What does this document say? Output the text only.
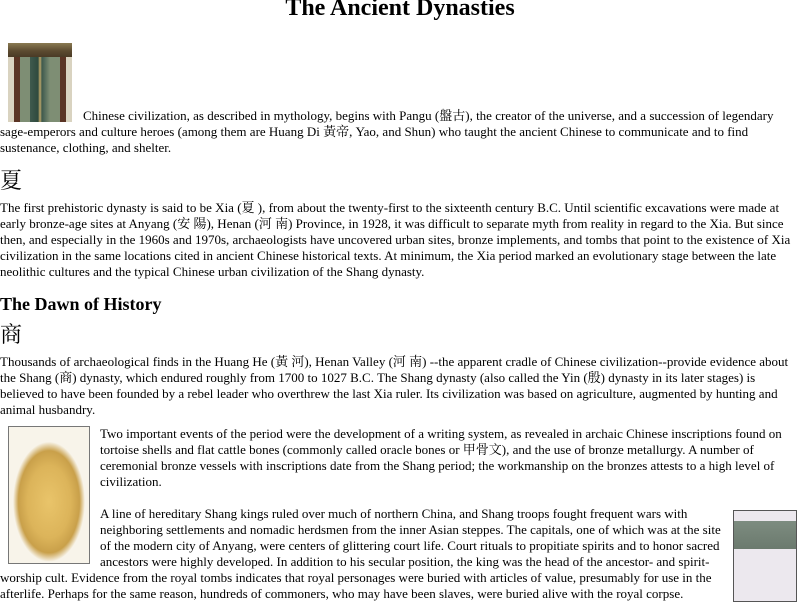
The Ancient Dynasties

Chinese civilization, as described in mythology, begins with Pangu (盤古), the creator of the universe, and a succession of legendary sage-emperors and culture heroes (among them are Huang Di 黃帝, Yao, and Shun) who taught the ancient Chinese to communicate and to find sustenance, clothing, and shelter.

夏

The first prehistoric dynasty is said to be Xia (夏 ), from about the twenty-first to the sixteenth century B.C. Until scientific excavations were made at early bronze-age sites at Anyang (安 陽), Henan (河 南) Province, in 1928, it was difficult to separate myth from reality in regard to the Xia. But since then, and especially in the 1960s and 1970s, archaeologists have uncovered urban sites, bronze implements, and tombs that point to the existence of Xia civilization in the same locations cited in ancient Chinese historical texts. At minimum, the Xia period marked an evolutionary stage between the late neolithic cultures and the typical Chinese urban civilization of the Shang dynasty.

The Dawn of History
商

Thousands of archaeological finds in the Huang He (黃 河), Henan Valley (河 南) --the apparent cradle of Chinese civilization--provide evidence about the Shang (商) dynasty, which endured roughly from 1700 to 1027 B.C. The Shang dynasty (also called the Yin (殷) dynasty in its later stages) is believed to have been founded by a rebel leader who overthrew the last Xia ruler. Its civilization was based on agriculture, augmented by hunting and animal husbandry.

Two important events of the period were the development of a writing system, as revealed in archaic Chinese inscriptions found on tortoise shells and flat cattle bones (commonly called oracle bones or 甲骨文), and the use of bronze metallurgy. A number of ceremonial bronze vessels with inscriptions date from the Shang period; the workmanship on the bronzes attests to a high level of civilization.

A line of hereditary Shang kings ruled over much of northern China, and Shang troops fought frequent wars with neighboring settlements and nomadic herdsmen from the inner Asian steppes. The capitals, one of which was at the site of the modern city of Anyang, were centers of glittering court life. Court rituals to propitiate spirits and to honor sacred ancestors were highly developed. In addition to his secular position, the king was the head of the ancestor- and spirit-worship cult. Evidence from the royal tombs indicates that royal personages were buried with articles of value, presumably for use in the afterlife. Perhaps for the same reason, hundreds of commoners, who may have been slaves, were buried alive with the royal corpse.
